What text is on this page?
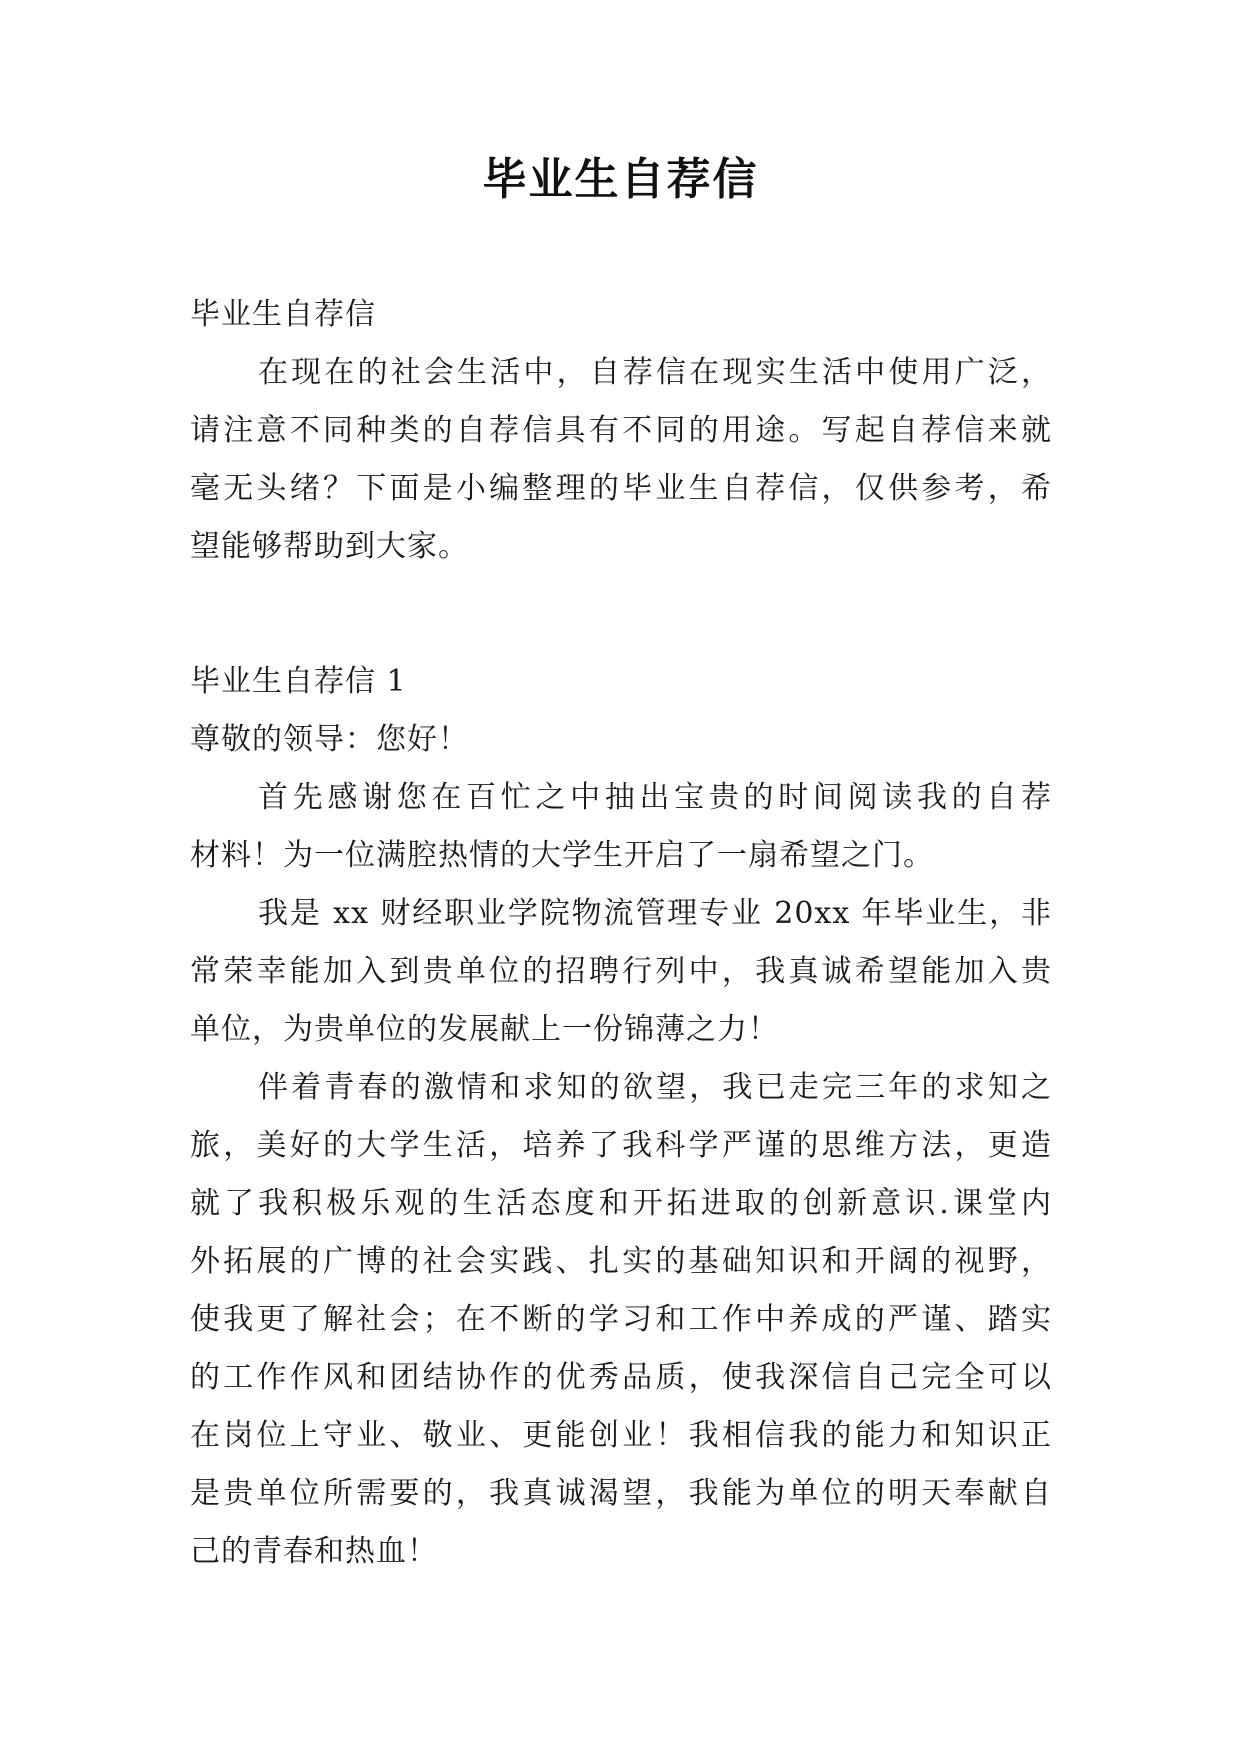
毕业生自荐信
毕业生自荐信
在现在的社会生活中，自荐信在现实生活中使用广泛，
请注意不同种类的自荐信具有不同的用途。写起自荐信来就
毫无头绪？下面是小编整理的毕业生自荐信，仅供参考，希
望能够帮助到大家。
毕业生自荐信 1
尊敬的领导：您好！
首先感谢您在百忙之中抽出宝贵的时间阅读我的自荐
材料！为一位满腔热情的大学生开启了一扇希望之门。
我是 xx 财经职业学院物流管理专业 20xx 年毕业生，非
常荣幸能加入到贵单位的招聘行列中，我真诚希望能加入贵
单位，为贵单位的发展献上一份锦薄之力！
伴着青春的激情和求知的欲望，我已走完三年的求知之
旅，美好的大学生活，培养了我科学严谨的思维方法，更造
就了我积极乐观的生活态度和开拓进取的创新意识.课堂内
外拓展的广博的社会实践、扎实的基础知识和开阔的视野，
使我更了解社会；在不断的学习和工作中养成的严谨、踏实
的工作作风和团结协作的优秀品质，使我深信自己完全可以
在岗位上守业、敬业、更能创业！我相信我的能力和知识正
是贵单位所需要的，我真诚渴望，我能为单位的明天奉献自
己的青春和热血！
